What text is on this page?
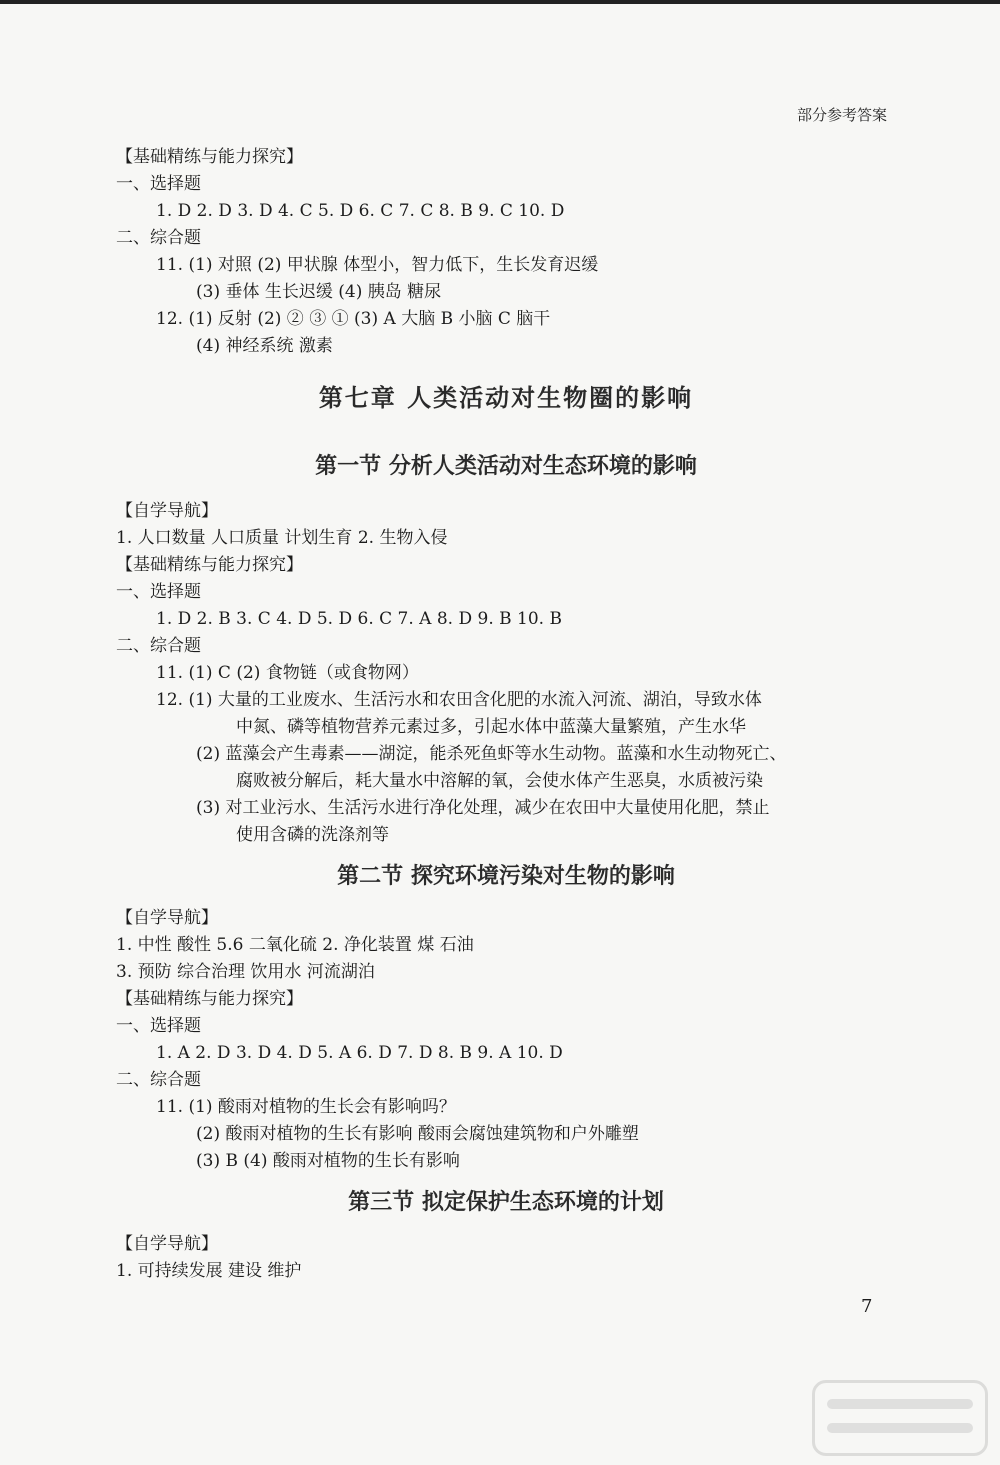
部分参考答案
【基础精练与能力探究】
一、选择题
1. D 2. D 3. D 4. C 5. D 6. C 7. C 8. B 9. C 10. D
二、综合题
11. (1) 对照 (2) 甲状腺 体型小，智力低下，生长发育迟缓
(3) 垂体 生长迟缓 (4) 胰岛 糖尿
12. (1) 反射 (2) ② ③ ① (3) A 大脑 B 小脑 C 脑干
(4) 神经系统 激素
第七章 人类活动对生物圈的影响
第一节 分析人类活动对生态环境的影响
【自学导航】
1. 人口数量 人口质量 计划生育 2. 生物入侵
【基础精练与能力探究】
一、选择题
1. D 2. B 3. C 4. D 5. D 6. C 7. A 8. D 9. B 10. B
二、综合题
11. (1) C (2) 食物链（或食物网）
12. (1) 大量的工业废水、生活污水和农田含化肥的水流入河流、湖泊，导致水体
中氮、磷等植物营养元素过多，引起水体中蓝藻大量繁殖，产生水华
(2) 蓝藻会产生毒素——湖淀，能杀死鱼虾等水生动物。蓝藻和水生动物死亡、
腐败被分解后，耗大量水中溶解的氧，会使水体产生恶臭，水质被污染
(3) 对工业污水、生活污水进行净化处理，减少在农田中大量使用化肥，禁止
使用含磷的洗涤剂等
第二节 探究环境污染对生物的影响
【自学导航】
1. 中性 酸性 5.6 二氧化硫 2. 净化装置 煤 石油
3. 预防 综合治理 饮用水 河流湖泊
【基础精练与能力探究】
一、选择题
1. A 2. D 3. D 4. D 5. A 6. D 7. D 8. B 9. A 10. D
二、综合题
11. (1) 酸雨对植物的生长会有影响吗？
(2) 酸雨对植物的生长有影响 酸雨会腐蚀建筑物和户外雕塑
(3) B (4) 酸雨对植物的生长有影响
第三节 拟定保护生态环境的计划
【自学导航】
1. 可持续发展 建设 维护
7
